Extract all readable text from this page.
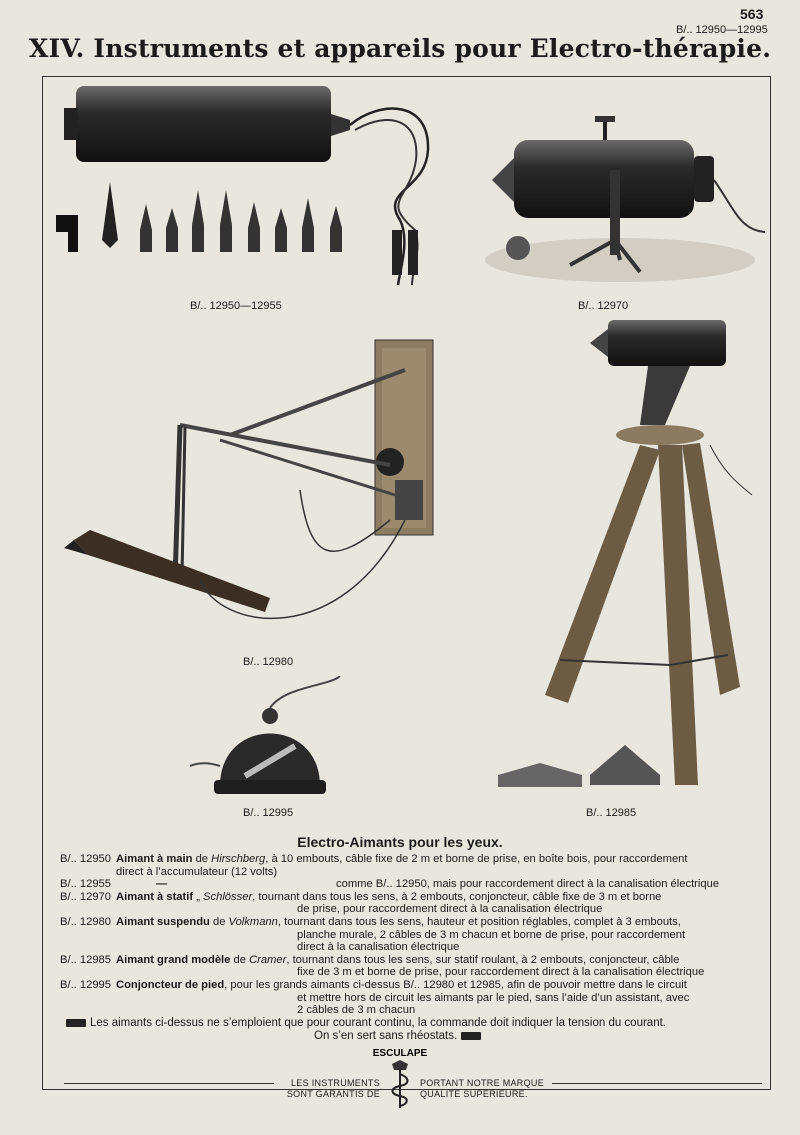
563
B/.. 12950—12995
XIV. Instruments et appareils pour Electro-thérapie.
B/.. 12950—12955	B/.. 12970
B/.. 12980
B/.. 12985
B/.. 12995
Electro-Aimants pour les yeux.
B/.. 12950 Aimant à main de Hirschberg, à 10 embouts, câble fixe de 2 m et borne de prise, en boîte bois, pour raccordement
direct à l’accumulateur (12 volts)
B/.. 12955	—	comme B/.. 12950, mais pour raccordement direct à la canalisation électrique
B/.. 12970 Aimant à statif „ Schlösser, tournant dans tous les sens, à 2 embouts, conjoncteur, câble fixe de 3 m et borne
de prise, pour raccordement direct à la canalisation électrique
B/.. 12980 Aimant suspendu de Volkmann, tournant dans tous les sens, hauteur et position réglables, complet à 3 embouts,
planche murale, 2 câbles de 3 m chacun et borne de prise, pour raccordement
direct à la canalisation électrique
B/.. 12985 Aimant grand modèle de Cramer, tournant dans tous les sens, sur statif roulant, à 2 embouts, conjoncteur, câble
fixe de 3 m et borne de prise, pour raccordement direct à la canalisation électrique
B/.. 12995 Conjoncteur de pied, pour les grands aimants ci-dessus B/.. 12980 et 12985, afin de pouvoir mettre dans le circuit
et mettre hors de circuit les aimants par le pied, sans l’aide d’un assistant, avec
2 câbles de 3 m chacun
Les aimants ci-dessus ne s’emploient que pour courant continu, la commande doit indiquer la tension du courant.
On s’en sert sans rhéostats.
LES INSTRUMENTS
SONT GARANTIS DE
PORTANT NOTRE MARQUE
QUALITÉ SUPÉRIEURE.
ESCULAPE
